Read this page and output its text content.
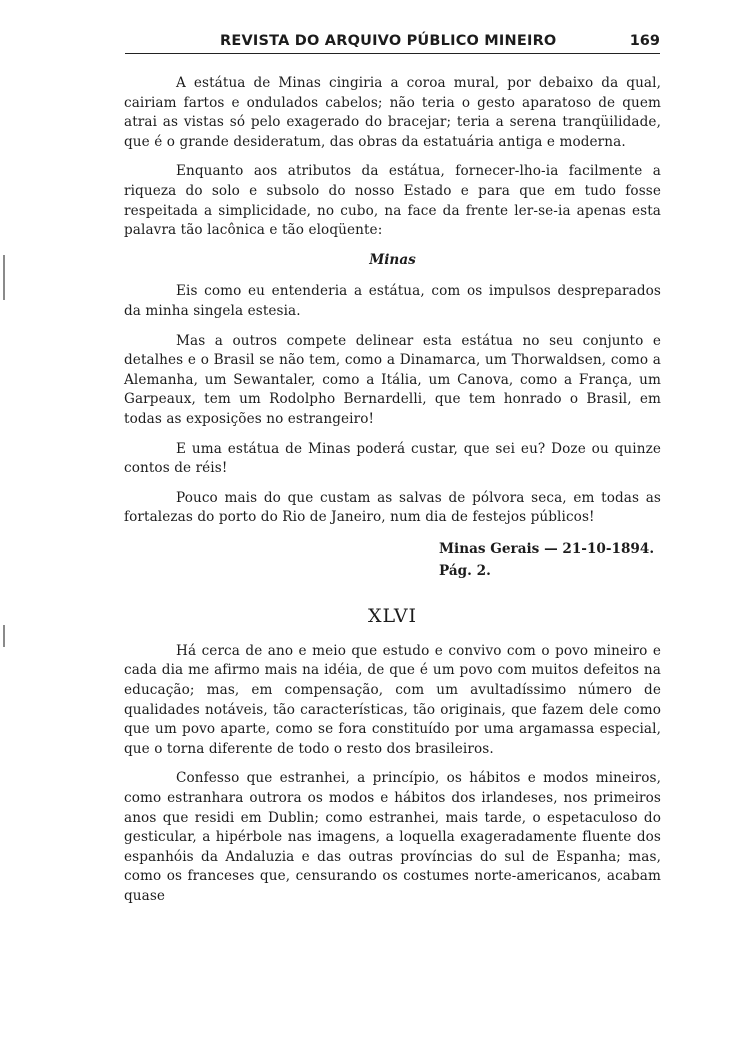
REVISTA DO ARQUIVO PÚBLICO MINEIRO	169

A estátua de Minas cingiria a coroa mural, por debaixo da qual, cairiam fartos e ondulados cabelos; não teria o gesto aparatoso de quem atrai as vistas só pelo exagerado do bracejar; teria a serena tranqüilidade, que é o grande desideratum, das obras da estatuária antiga e moderna.

Enquanto aos atributos da estátua, fornecer-lho-ia facilmente a riqueza do solo e subsolo do nosso Estado e para que em tudo fosse respeitada a simplicidade, no cubo, na face da frente ler-se-ia apenas esta palavra tão lacônica e tão eloqüente:

Minas

Eis como eu entenderia a estátua, com os impulsos despreparados da minha singela estesia.

Mas a outros compete delinear esta estátua no seu conjunto e detalhes e o Brasil se não tem, como a Dinamarca, um Thorwaldsen, como a Alemanha, um Sewantaler, como a Itália, um Canova, como a França, um Garpeaux, tem um Rodolpho Bernardelli, que tem honrado o Brasil, em todas as exposições no estrangeiro!

E uma estátua de Minas poderá custar, que sei eu? Doze ou quinze contos de réis!

Pouco mais do que custam as salvas de pólvora seca, em todas as fortalezas do porto do Rio de Janeiro, num dia de festejos públicos!

Minas Gerais — 21-10-1894.
Pág. 2.
XLVI

Há cerca de ano e meio que estudo e convivo com o povo mineiro e cada dia me afirmo mais na idéia, de que é um povo com muitos defeitos na educação; mas, em compensação, com um avultadíssimo número de qualidades notáveis, tão características, tão originais, que fazem dele como que um povo aparte, como se fora constituído por uma argamassa especial, que o torna diferente de todo o resto dos brasileiros.

Confesso que estranhei, a princípio, os hábitos e modos mineiros, como estranhara outrora os modos e hábitos dos irlandeses, nos primeiros anos que residi em Dublin; como estranhei, mais tarde, o espetaculoso do gesticular, a hipérbole nas imagens, a loquella exageradamente fluente dos espanhóis da Andaluzia e das outras províncias do sul de Espanha; mas, como os franceses que, censurando os costumes norte-americanos, acabam quase
